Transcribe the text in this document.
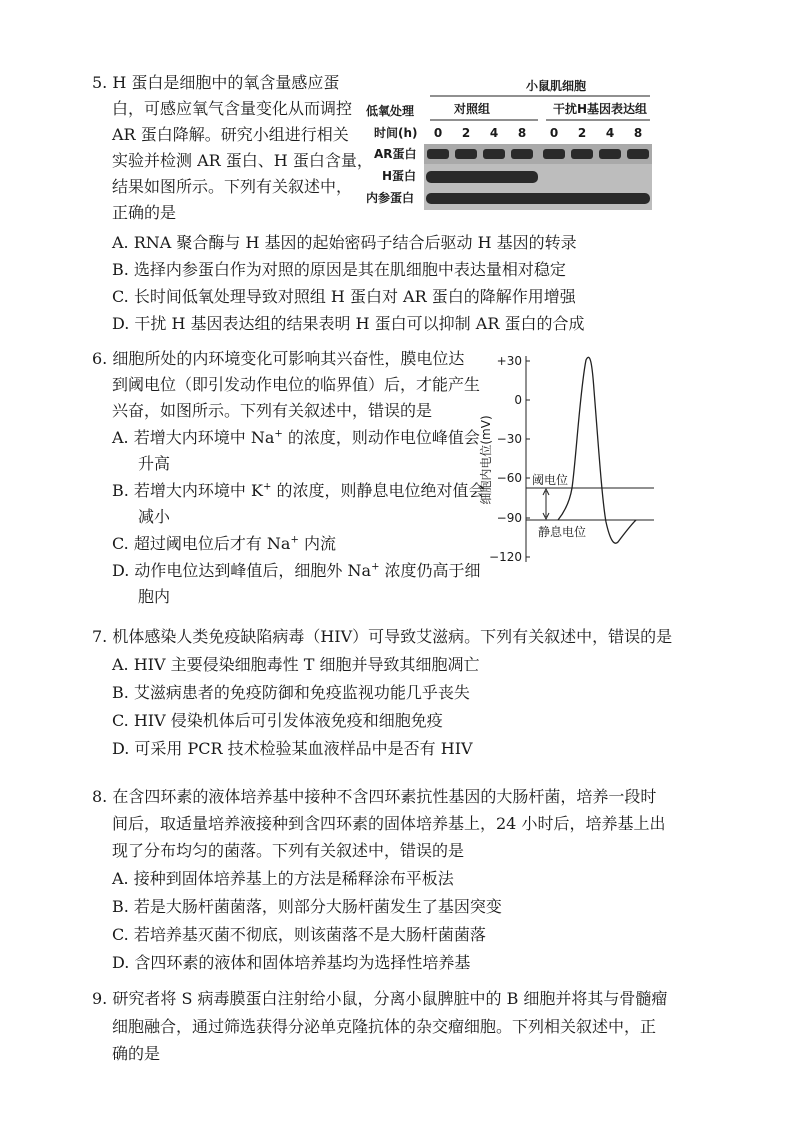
5. H 蛋白是细胞中的氧含量感应蛋
白，可感应氧气含量变化从而调控
AR 蛋白降解。研究小组进行相关
实验并检测 AR 蛋白、H 蛋白含量，
结果如图所示。下列有关叙述中，
正确的是
小鼠肌细胞
低氧处理	对照组	干扰H基因表达组
时间(h) 0 2 4 8 0 2 4 8
AR蛋白
H蛋白
内参蛋白
A. RNA 聚合酶与 H 基因的起始密码子结合后驱动 H 基因的转录
B. 选择内参蛋白作为对照的原因是其在肌细胞中表达量相对稳定
C. 长时间低氧处理导致对照组 H 蛋白对 AR 蛋白的降解作用增强
D. 干扰 H 基因表达组的结果表明 H 蛋白可以抑制 AR 蛋白的合成
6. 细胞所处的内环境变化可影响其兴奋性，膜电位达
到阈电位（即引发动作电位的临界值）后，才能产生
兴奋，如图所示。下列有关叙述中，错误的是
A. 若增大内环境中 Na+ 的浓度，则动作电位峰值会
升高
B. 若增大内环境中 K+ 的浓度，则静息电位绝对值会
减小
C. 超过阈电位后才有 Na+ 内流
D. 动作电位达到峰值后，细胞外 Na+ 浓度仍高于细
胞内
+30
0
−30
−60
−90
−120
细胞内电位(mV)	阈电位
静息电位
7. 机体感染人类免疫缺陷病毒（HIV）可导致艾滋病。下列有关叙述中，错误的是
A. HIV 主要侵染细胞毒性 T 细胞并导致其细胞凋亡
B. 艾滋病患者的免疫防御和免疫监视功能几乎丧失
C. HIV 侵染机体后可引发体液免疫和细胞免疫
D. 可采用 PCR 技术检验某血液样品中是否有 HIV
8. 在含四环素的液体培养基中接种不含四环素抗性基因的大肠杆菌，培养一段时
间后，取适量培养液接种到含四环素的固体培养基上，24 小时后，培养基上出
现了分布均匀的菌落。下列有关叙述中，错误的是
A. 接种到固体培养基上的方法是稀释涂布平板法
B. 若是大肠杆菌菌落，则部分大肠杆菌发生了基因突变
C. 若培养基灭菌不彻底，则该菌落不是大肠杆菌菌落
D. 含四环素的液体和固体培养基均为选择性培养基
9. 研究者将 S 病毒膜蛋白注射给小鼠，分离小鼠脾脏中的 B 细胞并将其与骨髓瘤
细胞融合，通过筛选获得分泌单克隆抗体的杂交瘤细胞。下列相关叙述中，正
确的是
